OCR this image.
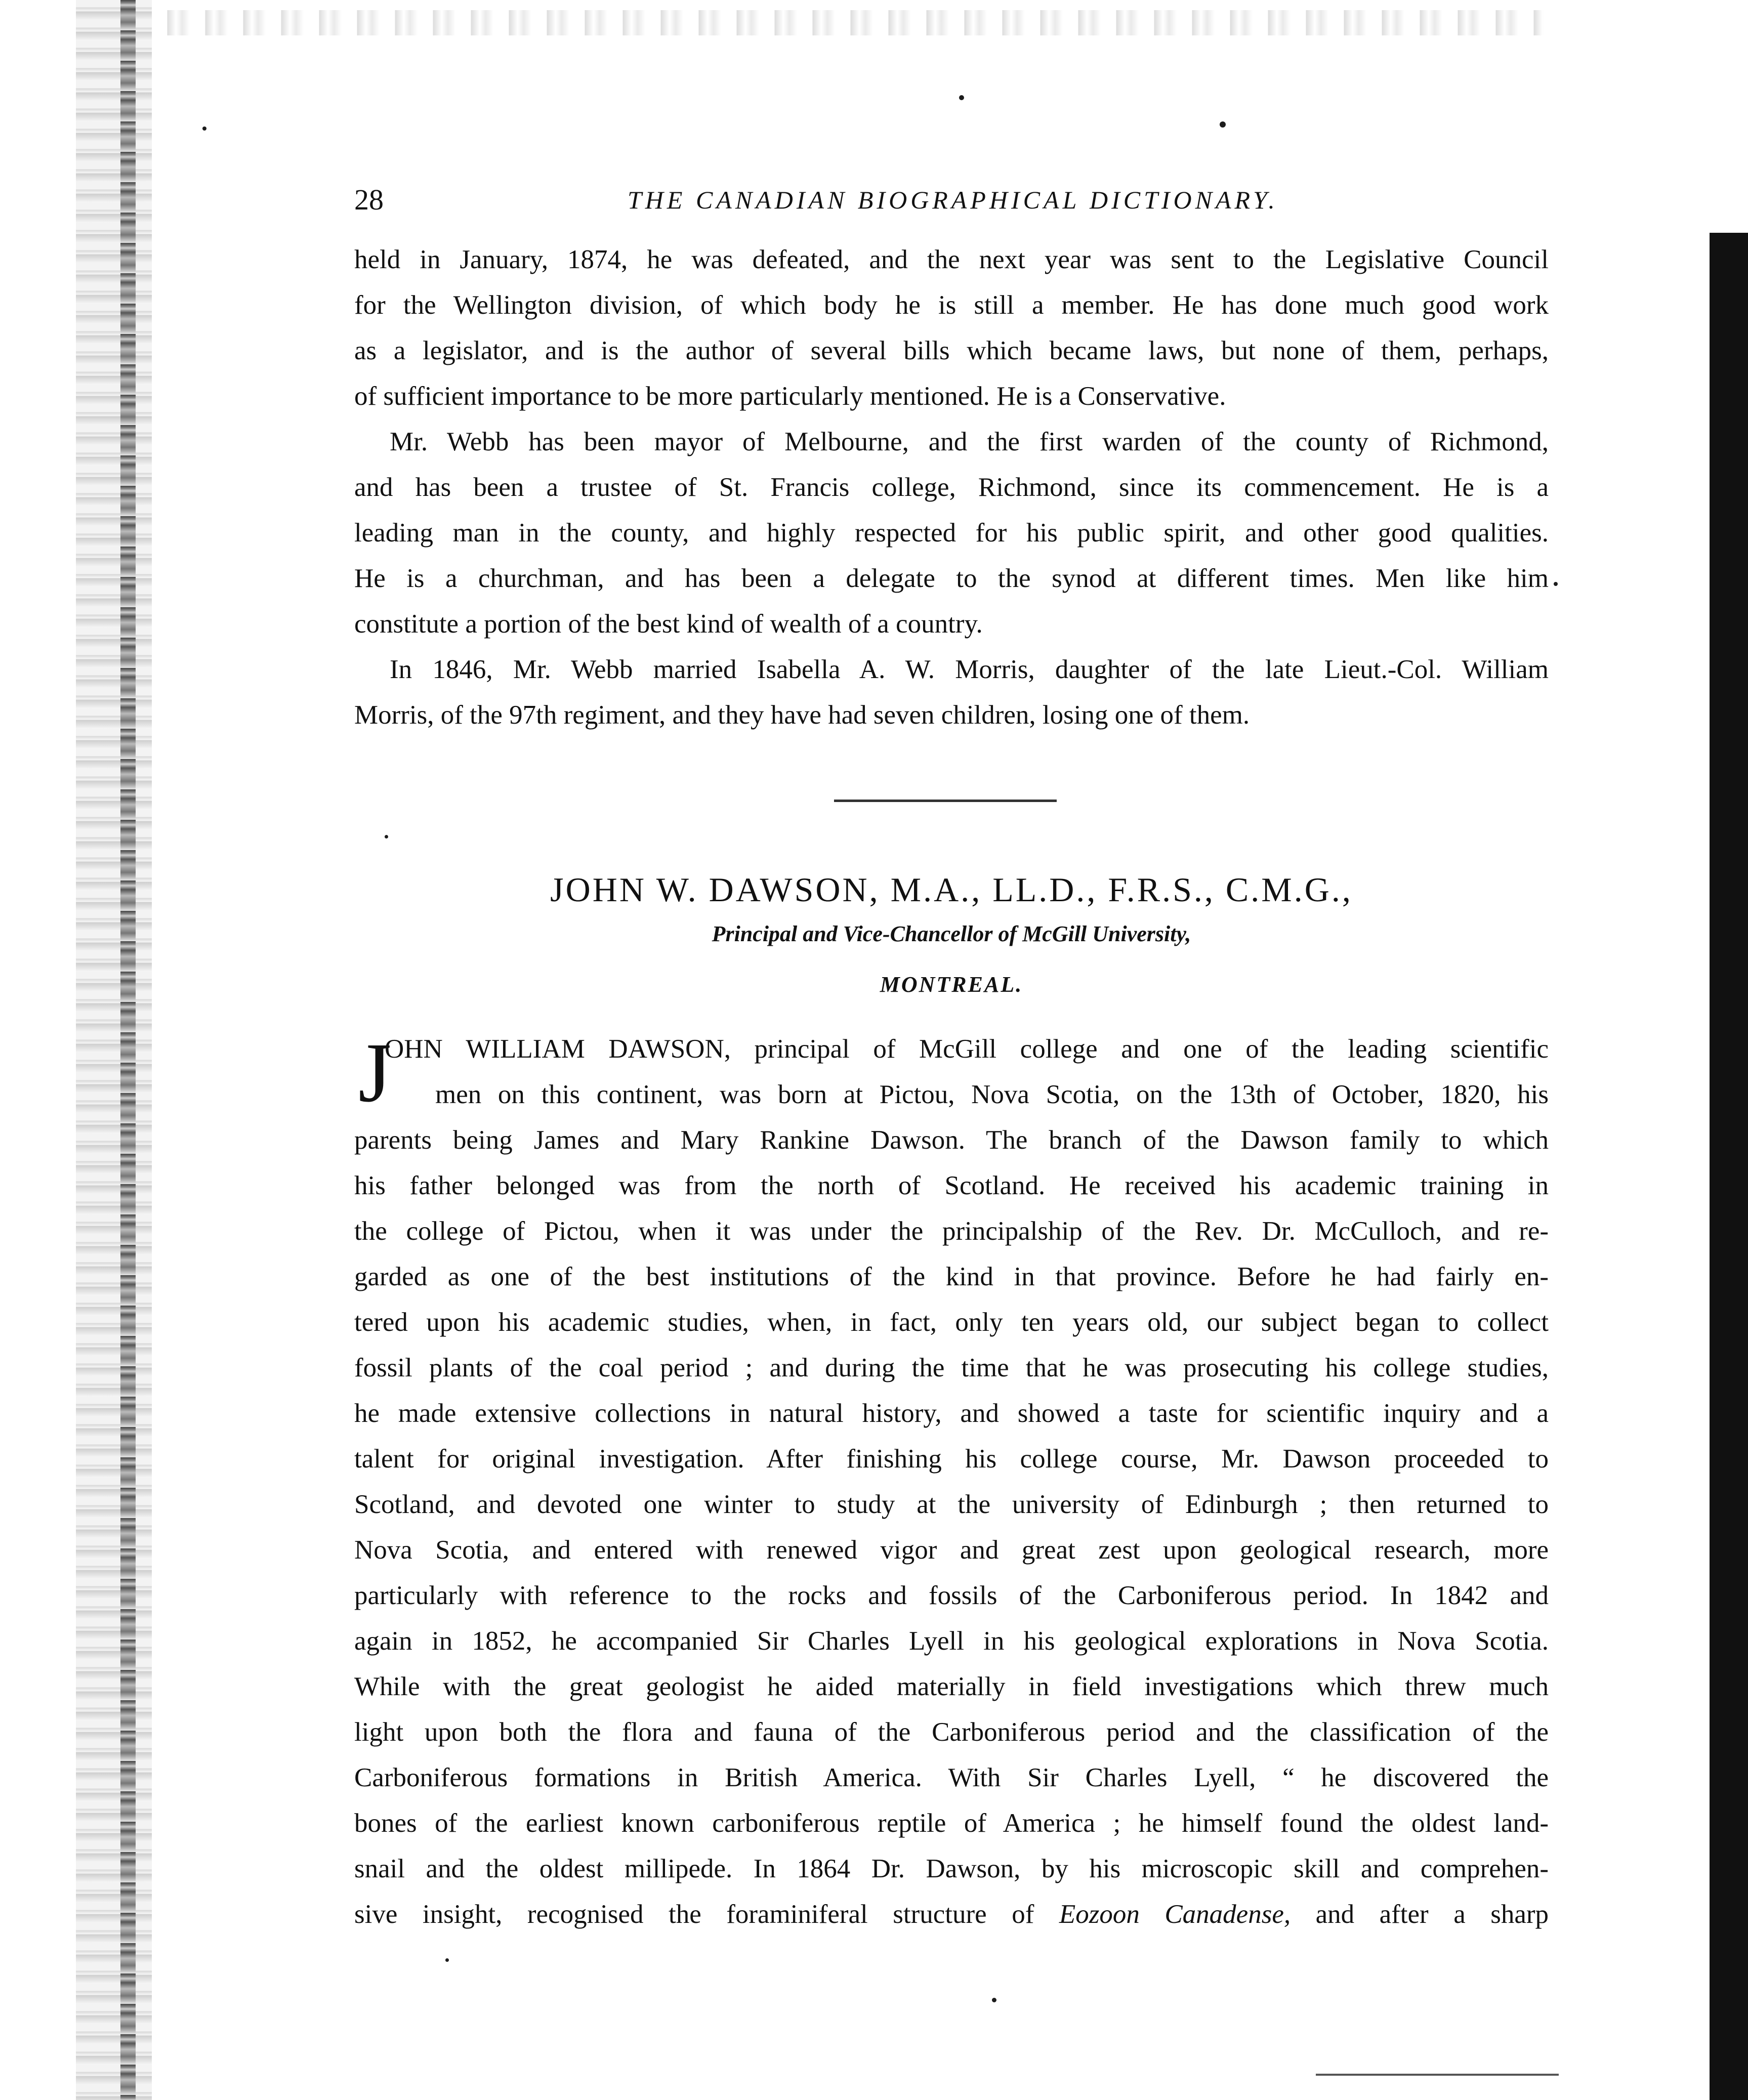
28	THE CANADIAN BIOGRAPHICAL DICTIONARY.

held in January, 1874, he was defeated, and the next year was sent to the Legislative Council
for the Wellington division, of which body he is still a member. He has done much good work
as a legislator, and is the author of several bills which became laws, but none of them, perhaps,
of sufficient importance to be more particularly mentioned. He is a Conservative.

Mr. Webb has been mayor of Melbourne, and the first warden of the county of Richmond,
and has been a trustee of St. Francis college, Richmond, since its commencement. He is a
leading man in the county, and highly respected for his public spirit, and other good qualities.
He is a churchman, and has been a delegate to the synod at different times. Men like him
constitute a portion of the best kind of wealth of a country.

In 1846, Mr. Webb married Isabella A. W. Morris, daughter of the late Lieut.-Col. William
Morris, of the 97th regiment, and they have had seven children, losing one of them.

JOHN W. DAWSON, M.A., LL.D., F.R.S., C.M.G.,
Principal and Vice-Chancellor of McGill University,
MONTREAL.
J

OHN WILLIAM DAWSON, principal of McGill college and one of the leading scientific
men on this continent, was born at Pictou, Nova Scotia, on the 13th of October, 1820, his
parents being James and Mary Rankine Dawson. The branch of the Dawson family to which
his father belonged was from the north of Scotland. He received his academic training in
the college of Pictou, when it was under the principalship of the Rev. Dr. McCulloch, and re-
garded as one of the best institutions of the kind in that province. Before he had fairly en-
tered upon his academic studies, when, in fact, only ten years old, our subject began to collect
fossil plants of the coal period ; and during the time that he was prosecuting his college studies,
he made extensive collections in natural history, and showed a taste for scientific inquiry and a
talent for original investigation. After finishing his college course, Mr. Dawson proceeded to
Scotland, and devoted one winter to study at the university of Edinburgh ; then returned to
Nova Scotia, and entered with renewed vigor and great zest upon geological research, more
particularly with reference to the rocks and fossils of the Carboniferous period. In 1842 and
again in 1852, he accompanied Sir Charles Lyell in his geological explorations in Nova Scotia.
While with the great geologist he aided materially in field investigations which threw much
light upon both the flora and fauna of the Carboniferous period and the classification of the
Carboniferous formations in British America. With Sir Charles Lyell, “ he discovered the
bones of the earliest known carboniferous reptile of America ; he himself found the oldest land-
snail and the oldest millipede. In 1864 Dr. Dawson, by his microscopic skill and comprehen-
sive insight, recognised the foraminiferal structure of Eozoon Canadense, and after a sharp
